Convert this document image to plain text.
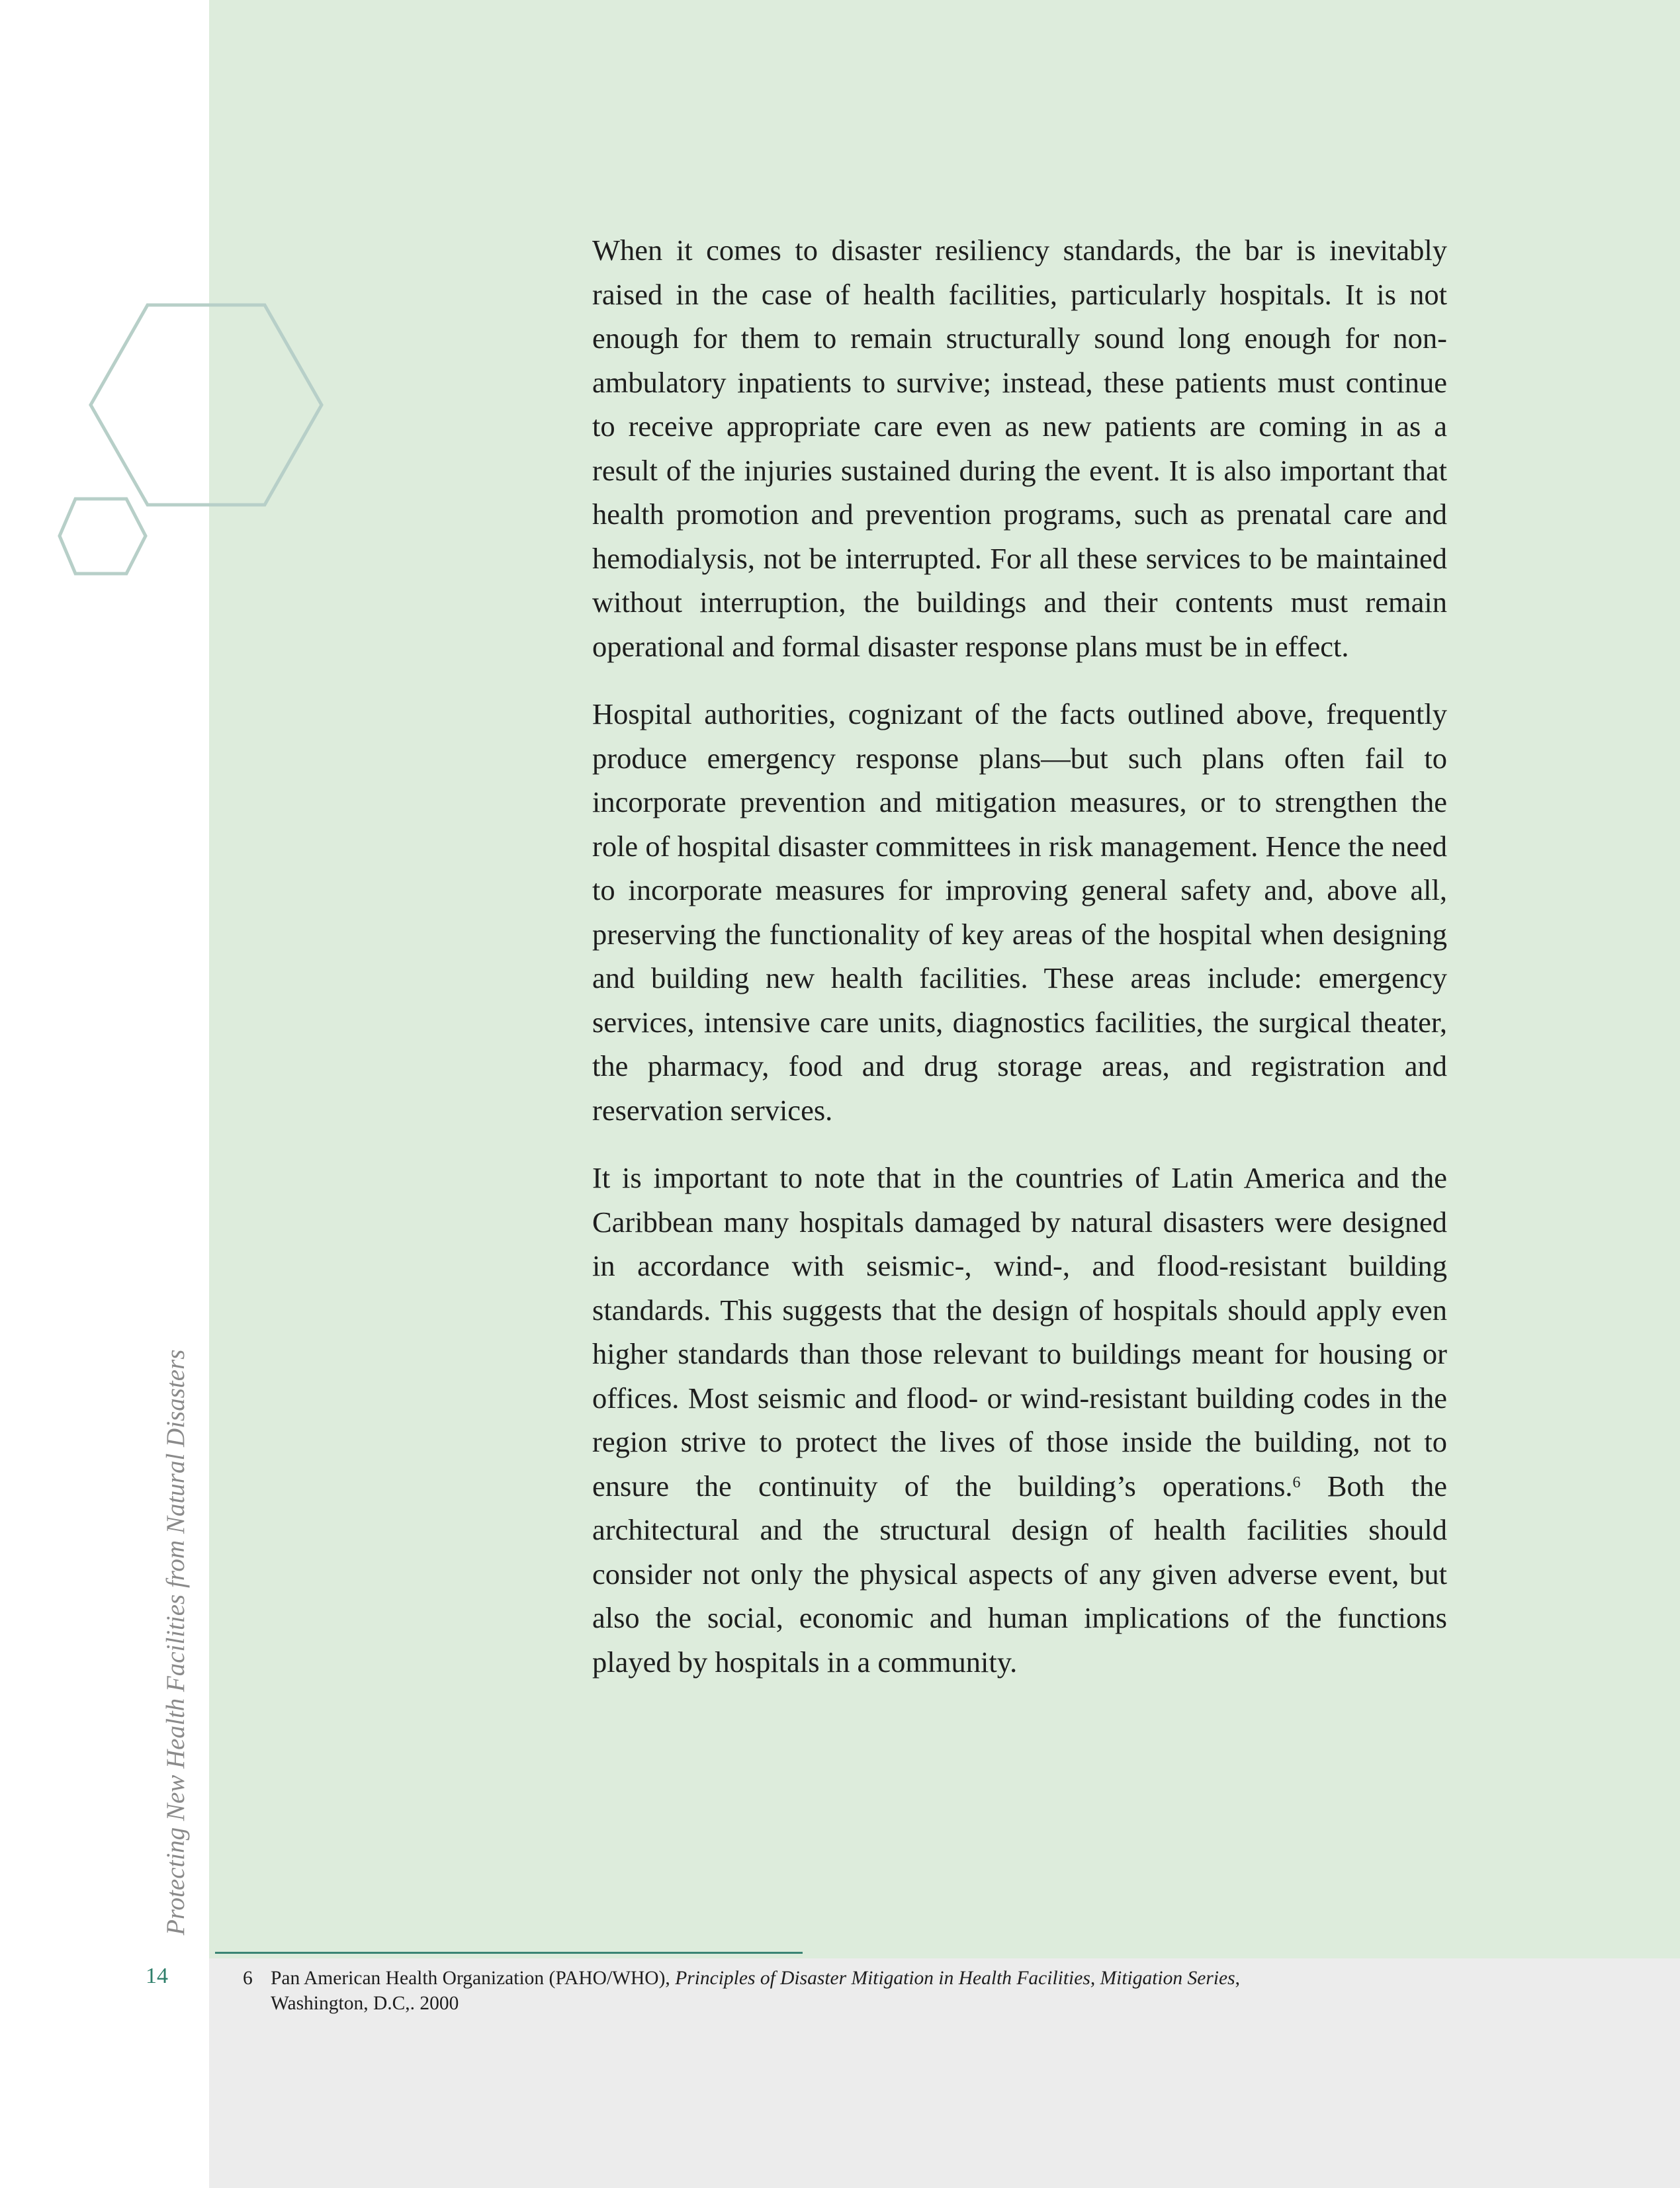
When it comes to disaster resiliency standards, the bar is inevitably raised in the case of health facilities, particularly hospitals. It is not enough for them to remain structurally sound long enough for non-ambulatory inpatients to survive; instead, these patients must continue to receive appropriate care even as new patients are coming in as a result of the injuries sustained during the event. It is also important that health promotion and prevention programs, such as prenatal care and hemodialysis, not be interrupted. For all these services to be maintained without interruption, the buildings and their contents must remain operational and formal disaster response plans must be in effect.

Hospital authorities, cognizant of the facts outlined above, frequently produce emergency response plans—but such plans often fail to incorporate prevention and mitigation measures, or to strengthen the role of hospital disaster committees in risk management. Hence the need to incorporate measures for improving general safety and, above all, preserving the functionality of key areas of the hospital when designing and building new health facilities. These areas include: emergency services, intensive care units, diagnostics facilities, the surgical theater, the pharmacy, food and drug storage areas, and registration and reservation services.

It is important to note that in the countries of Latin America and the Caribbean many hospitals damaged by natural disasters were designed in accordance with seismic-, wind-, and flood-resistant building standards. This suggests that the design of hospitals should apply even higher standards than those relevant to buildings meant for housing or offices. Most seismic and flood- or wind-resistant building codes in the region strive to protect the lives of those inside the building, not to ensure the continuity of the building’s operations.$^6$ Both the architectural and the structural design of health facilities should consider not only the physical aspects of any given adverse event, but also the social, economic and human implications of the functions played by hospitals in a community.

Protecting New Health Facilities from Natural Disasters
14	6 Pan American Health Organization (PAHO/WHO), Principles of Disaster Mitigation in Health Facilities, Mitigation Series,
Washington, D.C,. 2000
